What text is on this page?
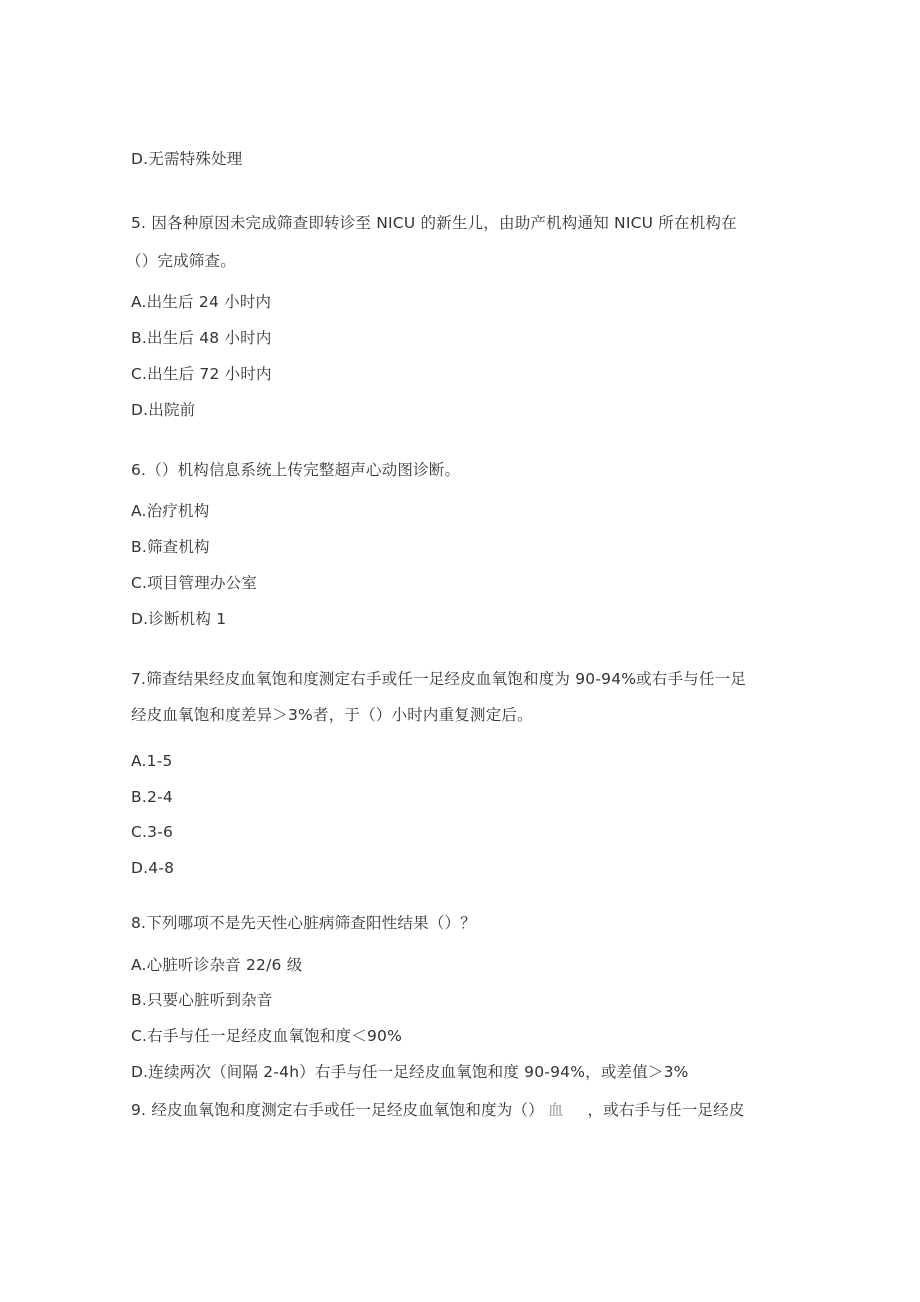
D.无需特殊处理
5. 因各种原因未完成筛查即转诊至 NICU 的新生儿，由助产机构通知 NICU 所在机构在
（）完成筛查。
A.出生后 24 小时内
B.出生后 48 小时内
C.出生后 72 小时内
D.出院前
6.（）机构信息系统上传完整超声心动图诊断。
A.治疗机构
B.筛查机构
C.项目管理办公室
D.诊断机构 1
7.筛查结果经皮血氧饱和度测定右手或任一足经皮血氧饱和度为 90-94%或右手与任一足
经皮血氧饱和度差异＞3%者，于（）小时内重复测定后。
A.1-5
B.2-4
C.3-6
D.4-8
8.下列哪项不是先天性心脏病筛查阳性结果（）？
A.心脏听诊杂音 22/6 级
B.只要心脏听到杂音
C.右手与任一足经皮血氧饱和度＜90%
D.连续两次（间隔 2-4h）右手与任一足经皮血氧饱和度 90-94%，或差值＞3%
9. 经皮血氧饱和度测定右手或任一足经皮血氧饱和度为（） 血 ，或右手与任一足经皮
